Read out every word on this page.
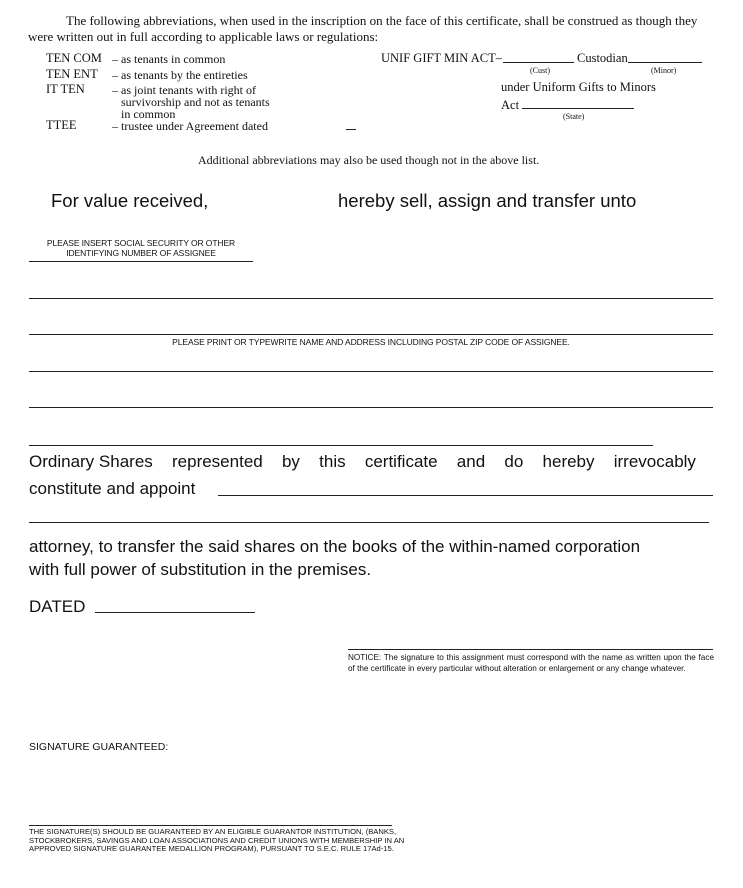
The following abbreviations, when used in the inscription on the face of this certificate, shall be construed as though they were written out in full according to applicable laws or regulations:
TEN COM – as tenants in common
TEN ENT – as tenants by the entireties
IT TEN – as joint tenants with right of
survivorship and not as tenants
in common
TTEE	– trustee under Agreement dated
UNIF GIFT MIN ACT–	Custodian
(Cust)	(Minor)
under Uniform Gifts to Minors
Act
(State)
Additional abbreviations may also be used though not in the above list.
For value received,	hereby sell, assign and transfer unto
PLEASE INSERT SOCIAL SECURITY OR OTHER
IDENTIFYING NUMBER OF ASSIGNEE
PLEASE PRINT OR TYPEWRITE NAME AND ADDRESS INCLUDING POSTAL ZIP CODE OF ASSIGNEE.
Ordinary Shares represented by this certificate and do hereby irrevocably
constitute and appoint
attorney, to transfer the said shares on the books of the within-named corporation
with full power of substitution in the premises.
DATED
NOTICE: The signature to this assignment must correspond with the name as written upon the face of the certificate in every particular without alteration or enlargement or any change whatever.
SIGNATURE GUARANTEED:
THE SIGNATURE(S) SHOULD BE GUARANTEED BY AN ELIGIBLE GUARANTOR INSTITUTION, (BANKS, STOCKBROKERS, SAVINGS AND LOAN ASSOCIATIONS AND CREDIT UNIONS WITH MEMBERSHIP IN AN APPROVED SIGNATURE GUARANTEE MEDALLION PROGRAM), PURSUANT TO S.E.C. RULE 17Ad-15.
